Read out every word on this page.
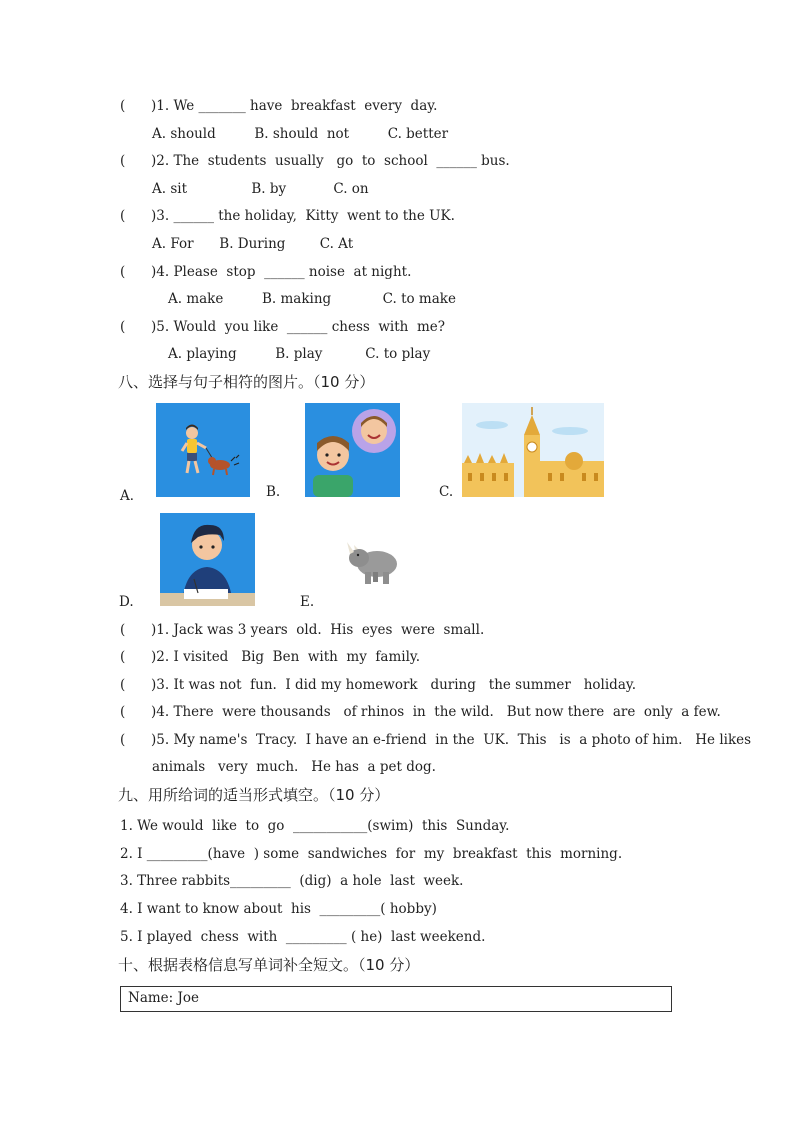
(      )1. We _______ have  breakfast  every  day.
A. should         B. should  not         C. better
(      )2. The  students  usually   go  to  school  ______ bus.
A. sit               B. by           C. on
(      )3. ______ the holiday,  Kitty  went to the UK.
A. For      B. During        C. At
(      )4. Please  stop  ______ noise  at night.
A. make         B. making            C. to make
(      )5. Would  you like  ______ chess  with  me?
A. playing         B. play          C. to play
八、选择与句子相符的图片。（10 分）
A．	B.	C.
D.	E.
(      )1. Jack was 3 years  old.  His  eyes  were  small.
(      )2. I visited   Big  Ben  with  my  family.
(      )3. It was not  fun.  I did my homework   during   the summer   holiday.
(      )4. There  were thousands   of rhinos  in  the wild.   But now there  are  only  a few.
(      )5. My name's  Tracy.  I have an e-friend  in the  UK.  This   is  a photo of him.   He likes
animals   very  much.   He has  a pet dog.
九、用所给词的适当形式填空。（10 分）
1. We would  like  to  go  ___________(swim)  this  Sunday.
2. I _________(have  ) some  sandwiches  for  my  breakfast  this  morning.
3. Three rabbits_________  (dig)  a hole  last  week.
4. I want to know about  his  _________( hobby)
5. I played  chess  with  _________ ( he)  last weekend.
十、根据表格信息写单词补全短文。（10 分）
Name: Joe
